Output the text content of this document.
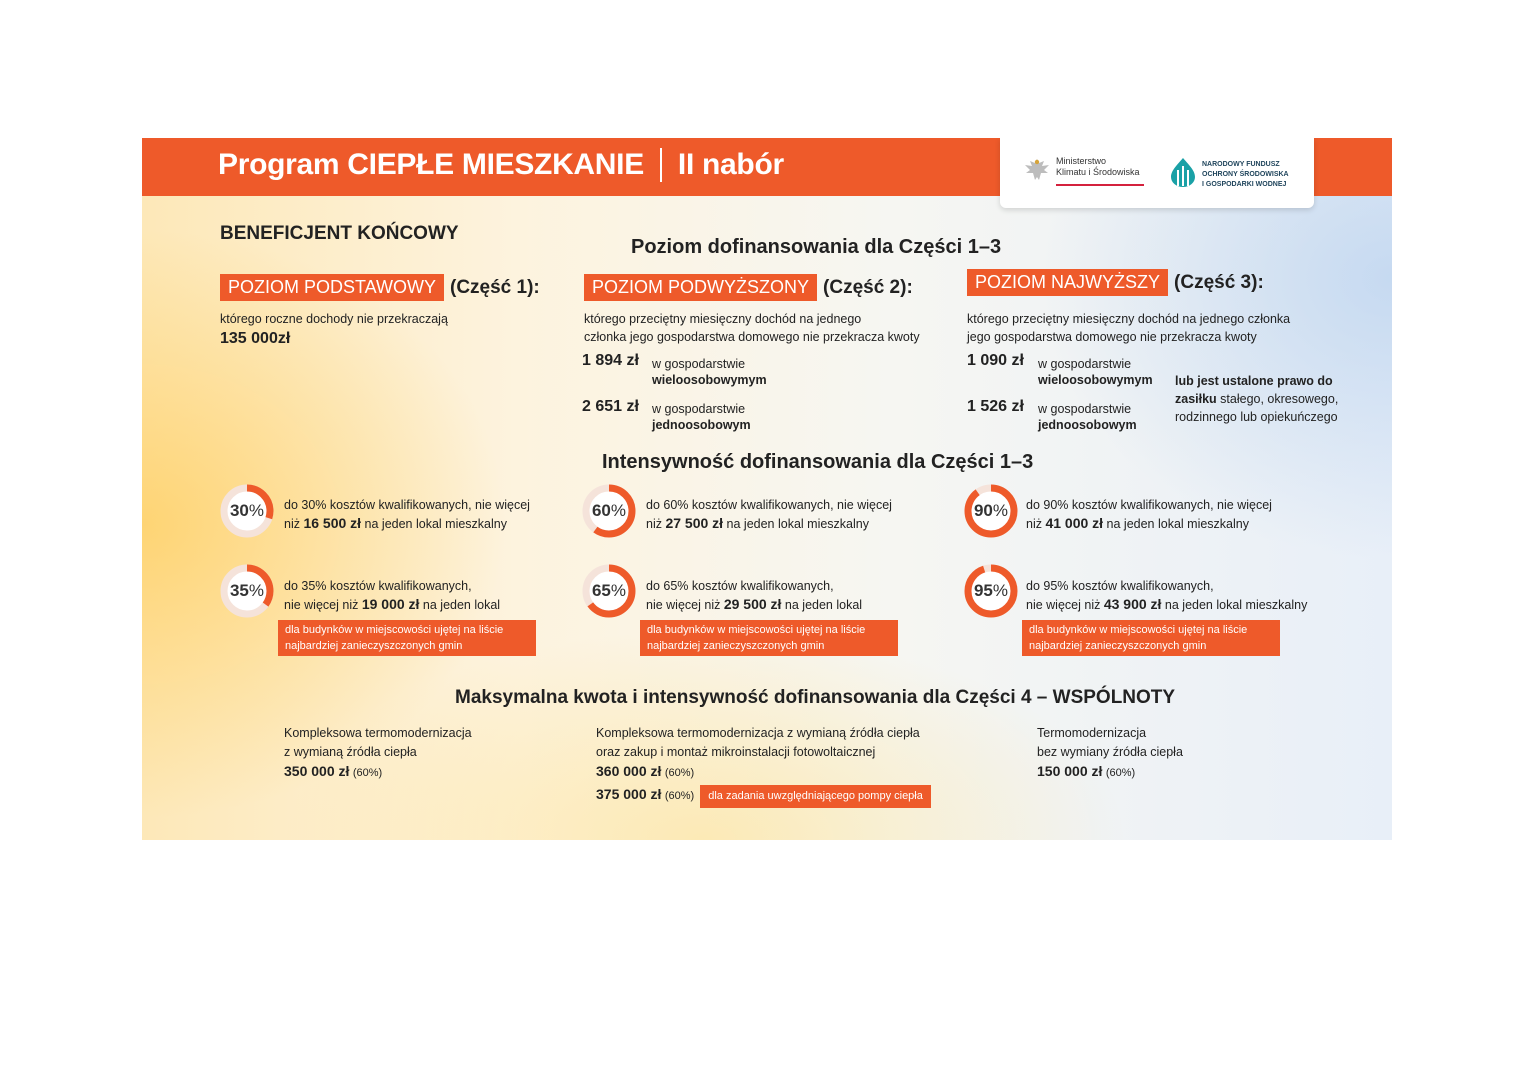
Program CIEPŁE MIESZKANIE II nabór	Ministerstwo
Klimatu i Środowiska
NARODOWY FUNDUSZ
OCHRONY ŚRODOWISKA
I GOSPODARKI WODNEJ
BENEFICJENT KOŃCOWY
Poziom dofinansowania dla Części 1–3
POZIOM PODSTAWOWY (Część 1):
którego roczne dochody nie przekraczają
135 000zł
POZIOM PODWYŻSZONY (Część 2):
którego przeciętny miesięczny dochód na jednego
członka jego gospodarstwa domowego nie przekracza kwoty
1 894 zł w gospodarstwie
wieloosobowymym
2 651 zł w gospodarstwie
jednoosobowym
POZIOM NAJWYŻSZY (Część 3):
którego przeciętny miesięczny dochód na jednego członka
jego gospodarstwa domowego nie przekracza kwoty
1 090 zł w gospodarstwie
wieloosobowymym
1 526 zł w gospodarstwie
jednoosobowym
lub jest ustalone prawo do
zasiłku stałego, okresowego,
rodzinnego lub opiekuńczego
Intensywność dofinansowania dla Części 1–3
30 % do 30% kosztów kwalifikowanych, nie więcej
niż 16 500 zł na jeden lokal mieszkalny
60 % do 60% kosztów kwalifikowanych, nie więcej
niż 27 500 zł na jeden lokal mieszkalny
90 % do 90% kosztów kwalifikowanych, nie więcej
niż 41 000 zł na jeden lokal mieszkalny
35 % do 35% kosztów kwalifikowanych,
nie więcej niż 19 000 zł na jeden lokal
dla budynków w miejscowości ujętej na liście
najbardziej zanieczyszczonych gmin
65 % do 65% kosztów kwalifikowanych,
nie więcej niż 29 500 zł na jeden lokal
dla budynków w miejscowości ujętej na liście
najbardziej zanieczyszczonych gmin
95 % do 95% kosztów kwalifikowanych,
nie więcej niż 43 900 zł na jeden lokal mieszkalny
dla budynków w miejscowości ujętej na liście
najbardziej zanieczyszczonych gmin
Maksymalna kwota i intensywność dofinansowania dla Części 4 – WSPÓLNOTY
Kompleksowa termomodernizacja
z wymianą źródła ciepła
350 000 zł (60%)
Kompleksowa termomodernizacja z wymianą źródła ciepła
oraz zakup i montaż mikroinstalacji fotowoltaicznej
360 000 zł (60%)
375 000 zł (60%) dla zadania uwzględniającego pompy ciepła
Termomodernizacja
bez wymiany źródła ciepła
150 000 zł (60%)
